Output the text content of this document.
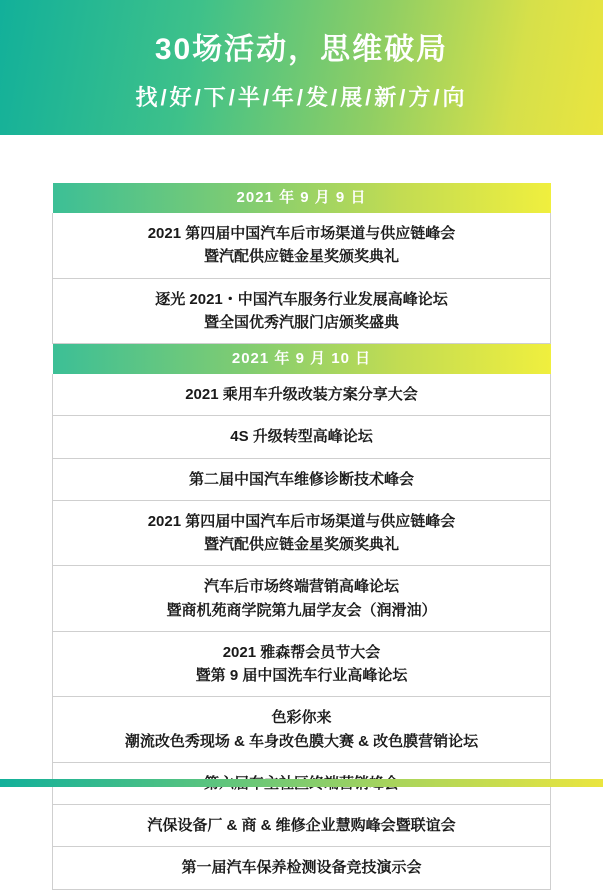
30场活动，思维破局
找/好/下/半/年/发/展/新/方/向
2021 年 9 月 9 日

2021 第四届中国汽车后市场渠道与供应链峰会
暨汽配供应链金星奖颁奖典礼

逐光 2021・中国汽车服务行业发展高峰论坛
暨全国优秀汽服门店颁奖盛典

2021 年 9 月 10 日

2021 乘用车升级改装方案分享大会

4S 升级转型高峰论坛

第二届中国汽车维修诊断技术峰会

2021 第四届中国汽车后市场渠道与供应链峰会
暨汽配供应链金星奖颁奖典礼

汽车后市场终端营销高峰论坛
暨商机苑商学院第九届学友会（润滑油）

2021 雅森帮会员节大会
暨第 9 届中国洗车行业高峰论坛

色彩你来
潮流改色秀现场 & 车身改色膜大赛 & 改色膜营销论坛

汽保设备厂 & 商 & 维修企业慧购峰会暨联谊会

第一届汽车保养检测设备竞技演示会
